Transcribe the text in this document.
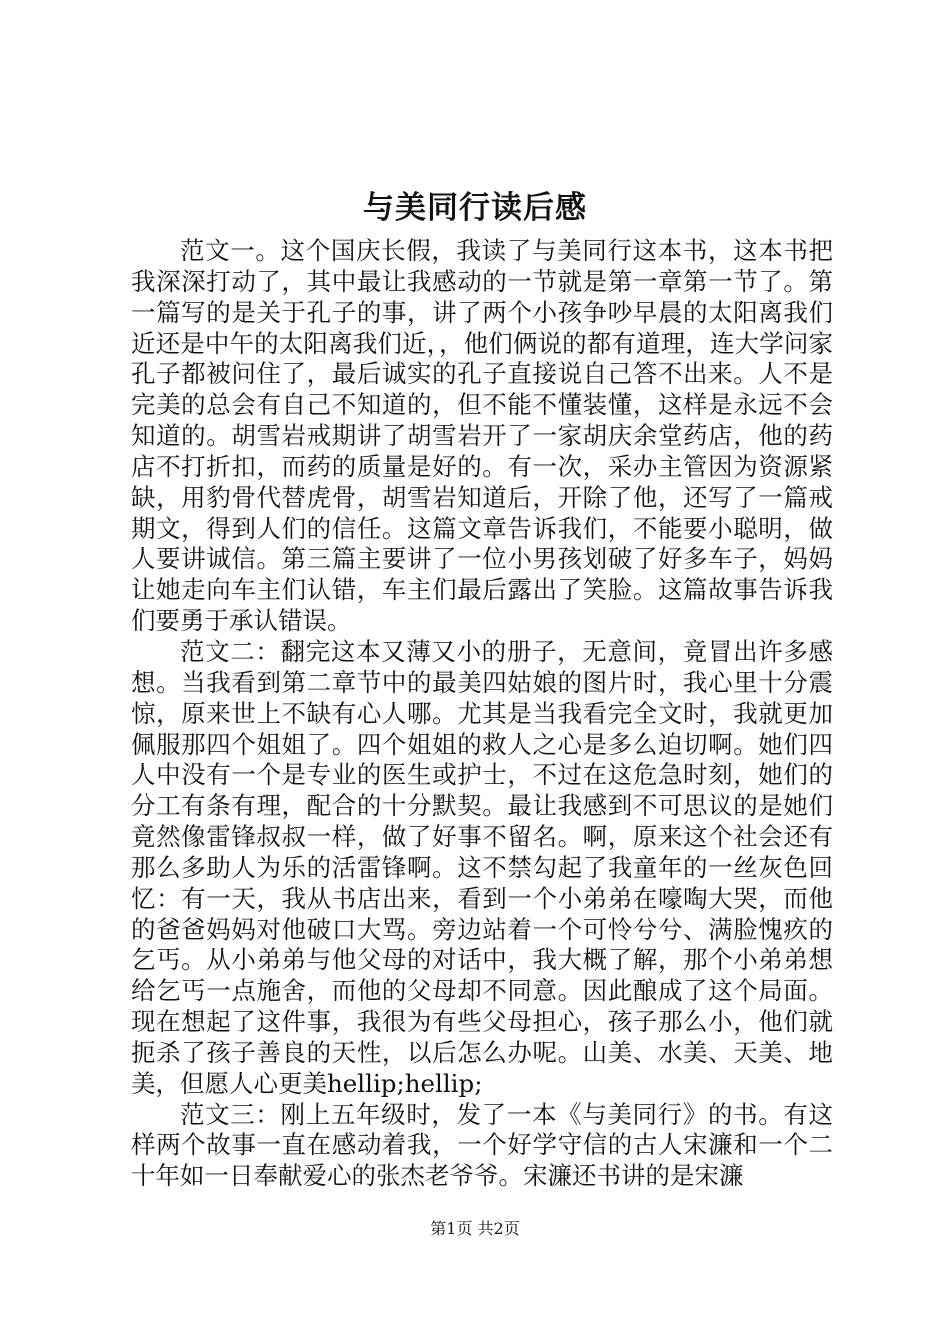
与美同行读后感

范文一。这个国庆长假，我读了与美同行这本书，这本书把我深深打动了，其中最让我感动的一节就是第一章第一节了。第一篇写的是关于孔子的事，讲了两个小孩争吵早晨的太阳离我们近还是中午的太阳离我们近，，他们俩说的都有道理，连大学问家孔子都被问住了，最后诚实的孔子直接说自己答不出来。人不是完美的总会有自己不知道的，但不能不懂装懂，这样是永远不会知道的。胡雪岩戒期讲了胡雪岩开了一家胡庆余堂药店，他的药店不打折扣，而药的质量是好的。有一次，采办主管因为资源紧缺，用豹骨代替虎骨，胡雪岩知道后，开除了他，还写了一篇戒期文，得到人们的信任。这篇文章告诉我们，不能要小聪明，做人要讲诚信。第三篇主要讲了一位小男孩划破了好多车子，妈妈让她走向车主们认错，车主们最后露出了笑脸。这篇故事告诉我们要勇于承认错误。

范文二：翻完这本又薄又小的册子，无意间，竟冒出许多感想。当我看到第二章节中的最美四姑娘的图片时，我心里十分震惊，原来世上不缺有心人哪。尤其是当我看完全文时，我就更加佩服那四个姐姐了。四个姐姐的救人之心是多么迫切啊。她们四人中没有一个是专业的医生或护士，不过在这危急时刻，她们的分工有条有理，配合的十分默契。最让我感到不可思议的是她们竟然像雷锋叔叔一样，做了好事不留名。啊，原来这个社会还有那么多助人为乐的活雷锋啊。这不禁勾起了我童年的一丝灰色回忆：有一天，我从书店出来，看到一个小弟弟在嚎啕大哭，而他的爸爸妈妈对他破口大骂。旁边站着一个可怜兮兮、满脸愧疚的乞丐。从小弟弟与他父母的对话中，我大概了解，那个小弟弟想给乞丐一点施舍，而他的父母却不同意。因此酿成了这个局面。现在想起了这件事，我很为有些父母担心，孩子那么小，他们就扼杀了孩子善良的天性，以后怎么办呢。山美、水美、天美、地美，但愿人心更美hellip;hellip;

范文三：刚上五年级时，发了一本《与美同行》的书。有这样两个故事一直在感动着我，一个好学守信的古人宋濂和一个二十年如一日奉献爱心的张杰老爷爷。宋濂还书讲的是宋濂

第1页 共2页
